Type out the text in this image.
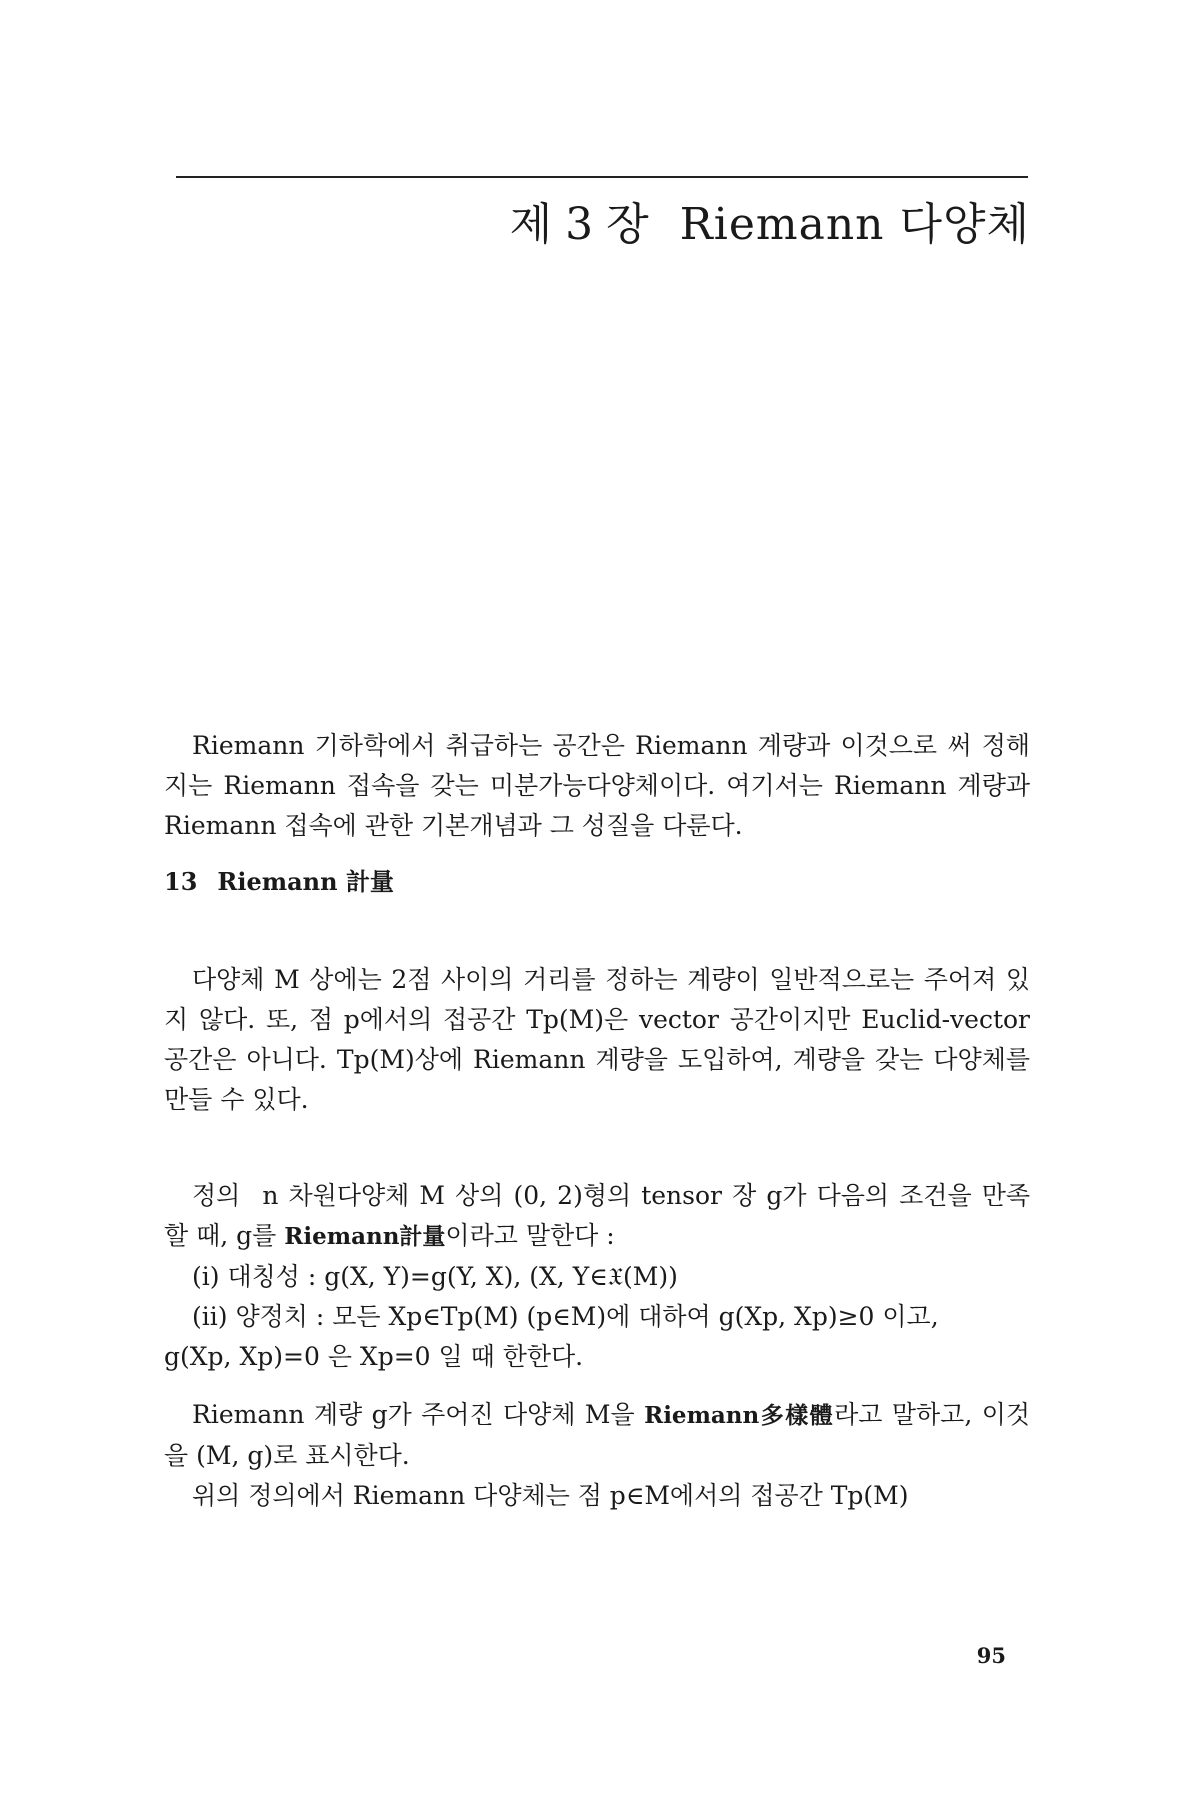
제 3 장 Riemann 다양체

Riemann 기하학에서 취급하는 공간은 Riemann 계량과 이것으로 써 정해지는 Riemann 접속을 갖는 미분가능다양체이다. 여기서는 Riemann 계량과 Riemann 접속에 관한 기본개념과 그 성질을 다룬다.

13 Riemann 計量

다양체 M 상에는 2점 사이의 거리를 정하는 계량이 일반적으로는 주어져 있지 않다. 또, 점 p에서의 접공간 Tp(M)은 vector 공간이지만 Euclid-vector 공간은 아니다. Tp(M)상에 Riemann 계량을 도입하여, 계량을 갖는 다양체를 만들 수 있다.

정의 n 차원다양체 M 상의 (0, 2)형의 tensor 장 g가 다음의 조건을 만족할 때, g를 Riemann計量이라고 말한다 :

(i) 대칭성 : g(X, Y)=g(Y, X), (X, Y∈𝔛(M))

(ii) 양정치 : 모든 Xp∈Tp(M) (p∈M)에 대하여 g(Xp, Xp)≥0 이고,

g(Xp, Xp)=0 은 Xp=0 일 때 한한다.

Riemann 계량 g가 주어진 다양체 M을 Riemann多樣體라고 말하고, 이것을 (M, g)로 표시한다.

위의 정의에서 Riemann 다양체는 점 p∈M에서의 접공간 Tp(M)

95
